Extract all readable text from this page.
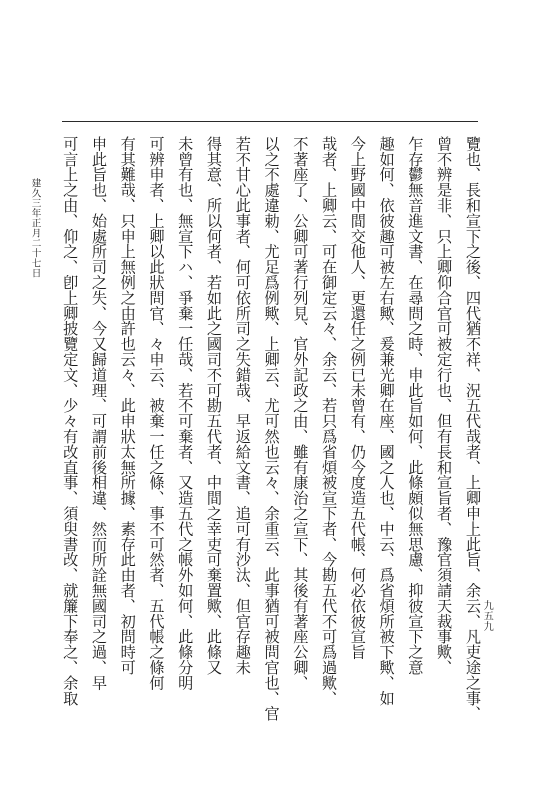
九五九
覽也、長和宣下之後、四代猶不祥、況五代哉者、上卿申上此旨、余云、凡吏途之事、
曾不辨是非、只上卿仰合官可被定行也、但有長和宣旨者、豫官須請天裁事歟、
乍存鬱無音進文書、在尋問之時、申此旨如何、此條頗似無思慮、抑彼宣下之意
趣如何、依彼趣可被左右歟、爰兼光卿在座、國之人也、中云、爲省煩所被下歟、如
今上野國中間交他人、更還任之例已未曾有、仍今度造五代帳、何必依彼宣旨
哉者、上卿云、可在御定云々、余云、若只爲省煩被宣下者、今勘五代不可爲過歟、
不著座了、公卿可著行列見、官外記政之由、雖有康治之宣下、其後有著座公卿、
以之不處違勅、尤足爲例歟、上卿云、尤可然也云々、余重云、此事猶可被問官也、官
若不甘心此事者、何可依所司之失錯哉、早返給文書、追可有沙汰、但官存趣未
得其意、所以何者、若如此之國司不可勘五代者、中間之幸吏可棄置歟、此條又
未曾有也、無宣下ハ、爭棄一任哉、若不可棄者、又造五代之帳外如何、此條分明
可辨申者、上卿以此狀問官、々申云、被棄一任之條、事不可然者、五代帳之條何
有其難哉、只申上無例之由許也云々、此申狀太無所據、素存此由者、初問時可
申此旨也、始處所司之失、今又歸道理、可謂前後相違、然而所詮無國司之過、早
可言上之由、仰之、卽上卿披覽定文、少々有改直事、須臾書改、就簾下奉之、余取
建久三年正月二十七日
